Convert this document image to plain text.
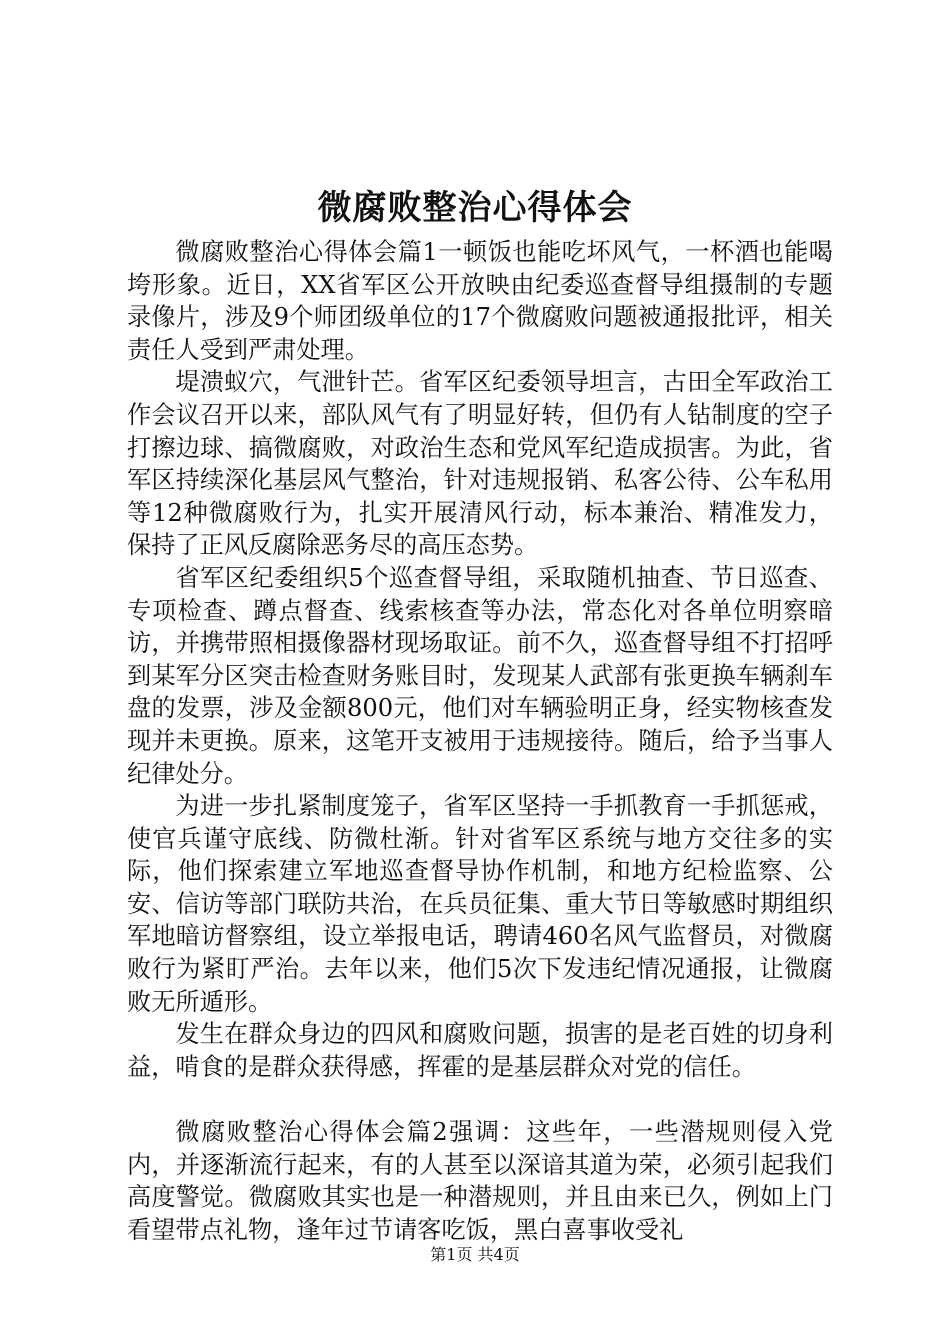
微腐败整治心得体会

微腐败整治心得体会篇1一顿饭也能吃坏风气，一杯酒也能喝垮形象。近日，XX省军区公开放映由纪委巡查督导组摄制的专题录像片，涉及9个师团级单位的17个微腐败问题被通报批评，相关责任人受到严肃处理。

堤溃蚁穴，气泄针芒。省军区纪委领导坦言，古田全军政治工作会议召开以来，部队风气有了明显好转，但仍有人钻制度的空子打擦边球、搞微腐败，对政治生态和党风军纪造成损害。为此，省军区持续深化基层风气整治，针对违规报销、私客公待、公车私用等12种微腐败行为，扎实开展清风行动，标本兼治、精准发力，保持了正风反腐除恶务尽的高压态势。

省军区纪委组织5个巡查督导组，采取随机抽查、节日巡查、专项检查、蹲点督查、线索核查等办法，常态化对各单位明察暗访，并携带照相摄像器材现场取证。前不久，巡查督导组不打招呼到某军分区突击检查财务账目时，发现某人武部有张更换车辆刹车盘的发票，涉及金额800元，他们对车辆验明正身，经实物核查发现并未更换。原来，这笔开支被用于违规接待。随后，给予当事人纪律处分。

为进一步扎紧制度笼子，省军区坚持一手抓教育一手抓惩戒，使官兵谨守底线、防微杜渐。针对省军区系统与地方交往多的实际，他们探索建立军地巡查督导协作机制，和地方纪检监察、公安、信访等部门联防共治，在兵员征集、重大节日等敏感时期组织军地暗访督察组，设立举报电话，聘请460名风气监督员，对微腐败行为紧盯严治。去年以来，他们5次下发违纪情况通报，让微腐败无所遁形。

发生在群众身边的四风和腐败问题，损害的是老百姓的切身利益，啃食的是群众获得感，挥霍的是基层群众对党的信任。

微腐败整治心得体会篇2强调：这些年，一些潜规则侵入党内，并逐渐流行起来，有的人甚至以深谙其道为荣，必须引起我们高度警觉。微腐败其实也是一种潜规则，并且由来已久，例如上门看望带点礼物，逢年过节请客吃饭，黑白喜事收受礼

第1页 共4页
